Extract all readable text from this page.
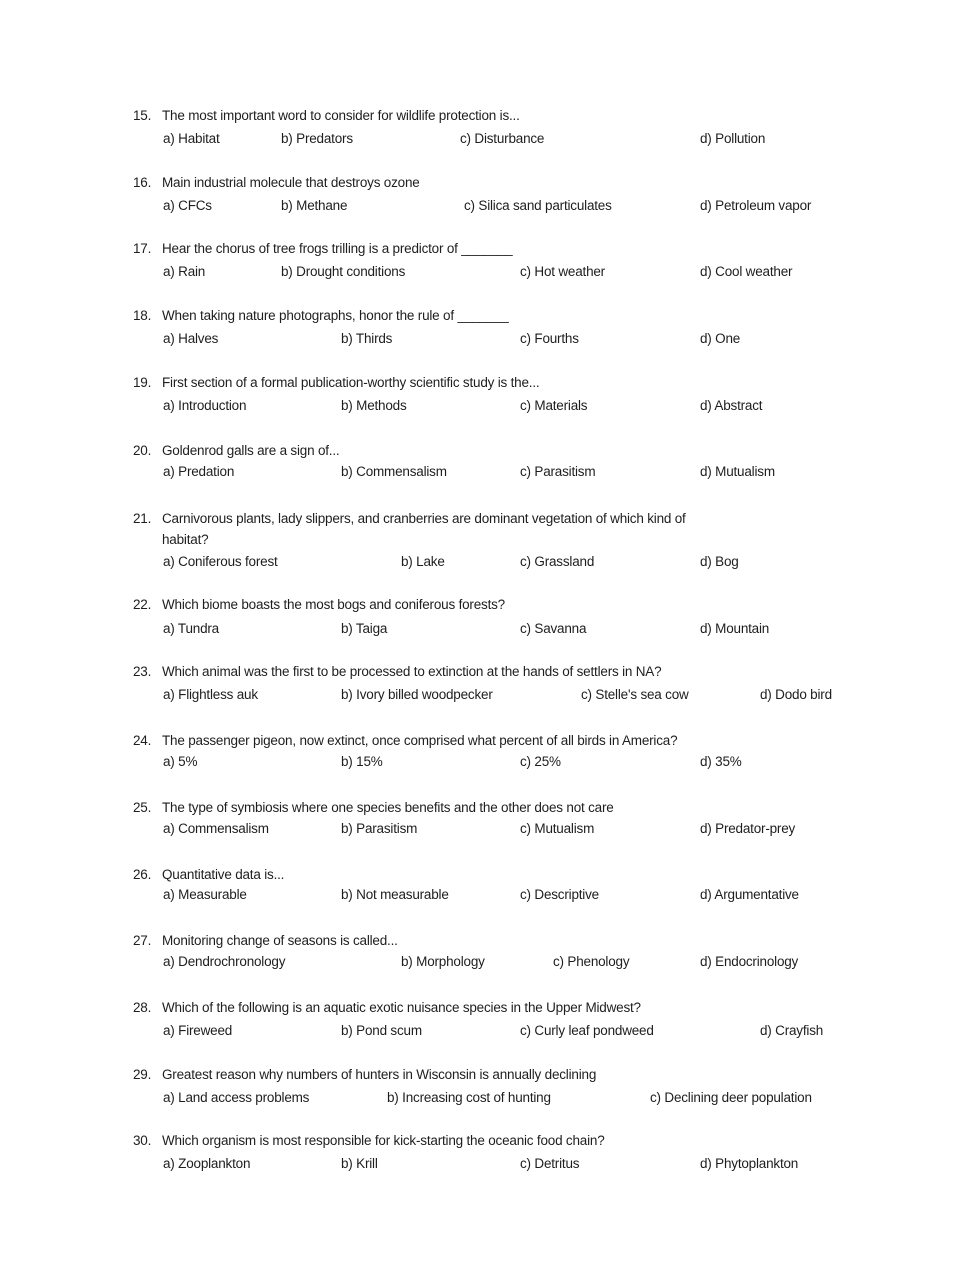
15. The most important word to consider for wildlife protection is...
a) Habitat	b) Predators	c) Disturbance	d) Pollution
16. Main industrial molecule that destroys ozone
a) CFCs	b) Methane	c) Silica sand particulates	d) Petroleum vapor
17. Hear the chorus of tree frogs trilling is a predictor of _______
a) Rain	b) Drought conditions	c) Hot weather	d) Cool weather
18. When taking nature photographs, honor the rule of _______
a) Halves	b) Thirds	c) Fourths	d) One
19. First section of a formal publication-worthy scientific study is the...
a) Introduction	b) Methods	c) Materials	d) Abstract
20. Goldenrod galls are a sign of...
a) Predation	b) Commensalism	c) Parasitism	d) Mutualism
21. Carnivorous plants, lady slippers, and cranberries are dominant vegetation of which kind of
habitat?
a) Coniferous forest	b) Lake	c) Grassland	d) Bog
22. Which biome boasts the most bogs and coniferous forests?
a) Tundra	b) Taiga	c) Savanna	d) Mountain
23. Which animal was the first to be processed to extinction at the hands of settlers in NA?
a) Flightless auk	b) Ivory billed woodpecker	c) Stelle's sea cow	d) Dodo bird
24. The passenger pigeon, now extinct, once comprised what percent of all birds in America?
a) 5%	b) 15%	c) 25%	d) 35%
25. The type of symbiosis where one species benefits and the other does not care
a) Commensalism	b) Parasitism	c) Mutualism	d) Predator-prey
26. Quantitative data is...
a) Measurable	b) Not measurable	c) Descriptive	d) Argumentative
27. Monitoring change of seasons is called...
a) Dendrochronology	b) Morphology	c) Phenology	d) Endocrinology
28. Which of the following is an aquatic exotic nuisance species in the Upper Midwest?
a) Fireweed	b) Pond scum	c) Curly leaf pondweed	d) Crayfish
29. Greatest reason why numbers of hunters in Wisconsin is annually declining
a) Land access problems	b) Increasing cost of hunting	c) Declining deer population
30. Which organism is most responsible for kick-starting the oceanic food chain?
a) Zooplankton	b) Krill	c) Detritus	d) Phytoplankton
